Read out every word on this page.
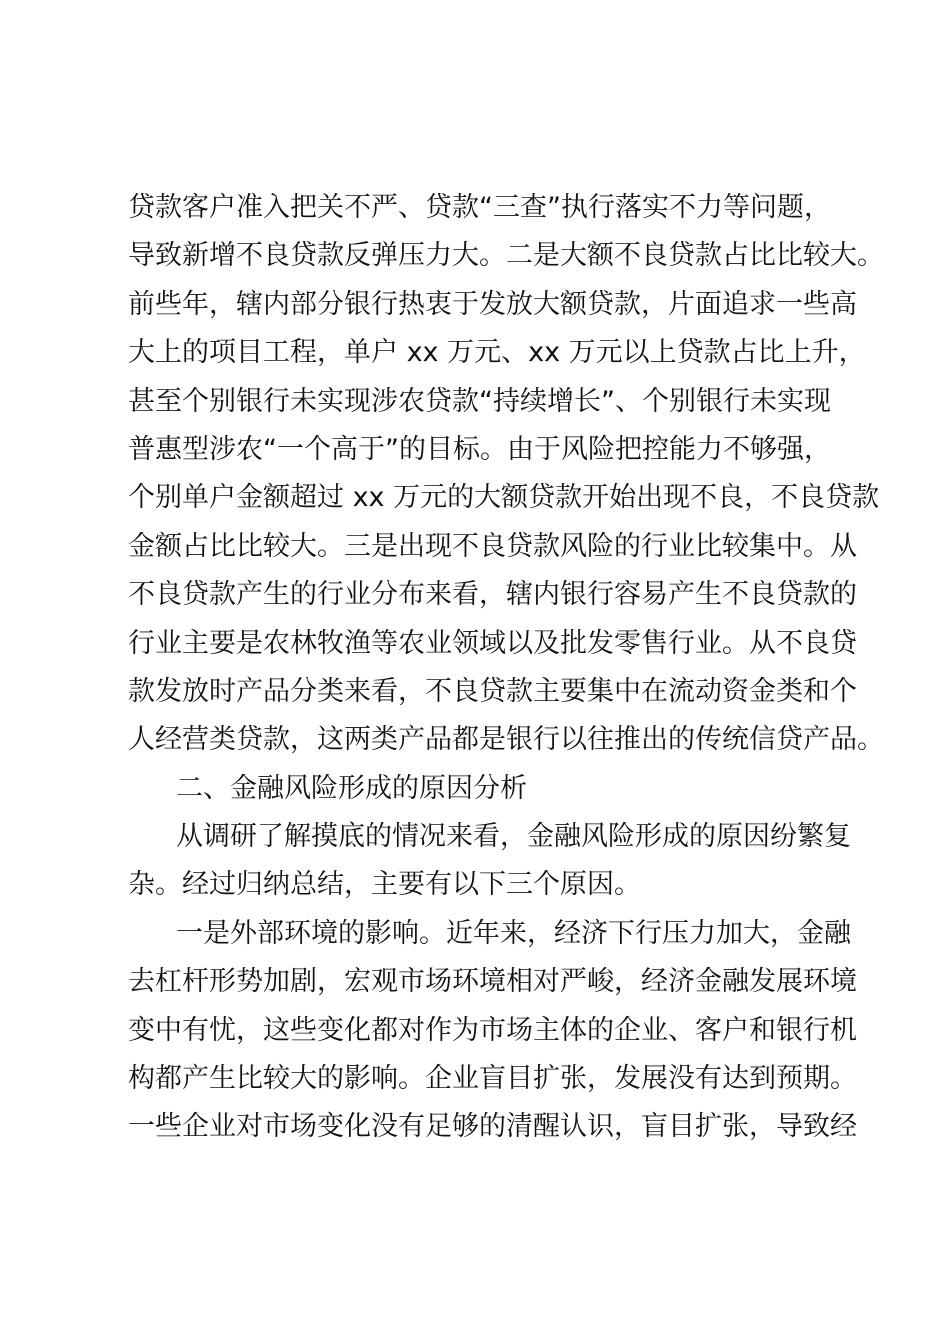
贷款客户准入把关不严、贷款“三查”执行落实不力等问题，
导致新增不良贷款反弹压力大。二是大额不良贷款占比比较大。
前些年，辖内部分银行热衷于发放大额贷款，片面追求一些高
大上的项目工程，单户 xx 万元、xx 万元以上贷款占比上升，
甚至个别银行未实现涉农贷款“持续增长”、个别银行未实现
普惠型涉农“一个高于”的目标。由于风险把控能力不够强，
个别单户金额超过 xx 万元的大额贷款开始出现不良，不良贷款
金额占比比较大。三是出现不良贷款风险的行业比较集中。从
不良贷款产生的行业分布来看，辖内银行容易产生不良贷款的
行业主要是农林牧渔等农业领域以及批发零售行业。从不良贷
款发放时产品分类来看，不良贷款主要集中在流动资金类和个
人经营类贷款，这两类产品都是银行以往推出的传统信贷产品。
二、金融风险形成的原因分析
从调研了解摸底的情况来看，金融风险形成的原因纷繁复
杂。经过归纳总结，主要有以下三个原因。
一是外部环境的影响。近年来，经济下行压力加大，金融
去杠杆形势加剧，宏观市场环境相对严峻，经济金融发展环境
变中有忧，这些变化都对作为市场主体的企业、客户和银行机
构都产生比较大的影响。企业盲目扩张，发展没有达到预期。
一些企业对市场变化没有足够的清醒认识，盲目扩张，导致经
